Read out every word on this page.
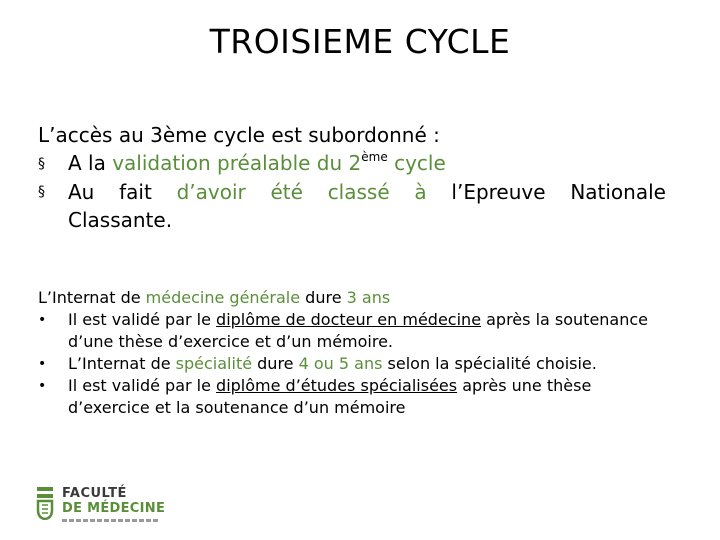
TROISIEME CYCLE
L’accès au 3ème cycle est subordonné :
§ A la validation préalable du 2ème cycle
§	Au fait d’avoir été classé à l’Epreuve Nationale
Classante.
L’Internat de médecine générale dure 3 ans
•	Il est validé par le diplôme de docteur en médecine après la soutenance d’une thèse d’exercice et d’un mémoire.
•	L’Internat de spécialité dure 4 ou 5 ans selon la spécialité choisie.
•	Il est validé par le diplôme d’études spécialisées après une thèse d’exercice et la soutenance d’un mémoire
FACULTÉ
DE MÉDECINE
